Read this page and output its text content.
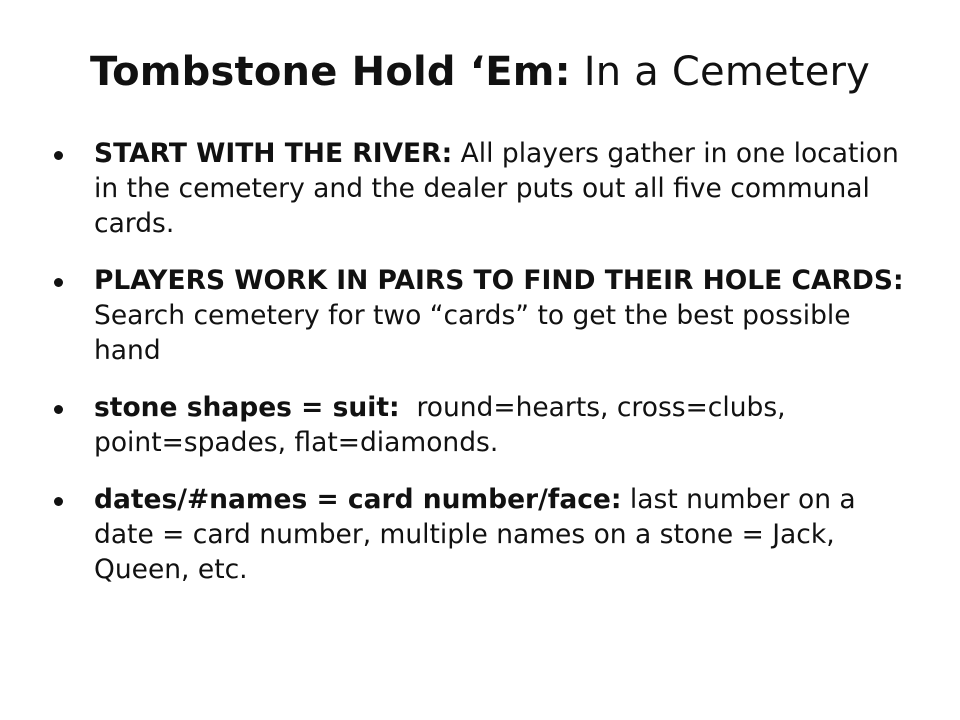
Tombstone Hold ‘Em: In a Cemetery
START WITH THE RIVER: All players gather in one location in the cemetery and the dealer puts out all five communal cards.
PLAYERS WORK IN PAIRS TO FIND THEIR HOLE CARDS: Search cemetery for two “cards” to get the best possible hand
stone shapes = suit:  round=hearts, cross=clubs, point=spades, flat=diamonds.
dates/#names = card number/face: last number on a date = card number, multiple names on a stone = Jack, Queen, etc.
